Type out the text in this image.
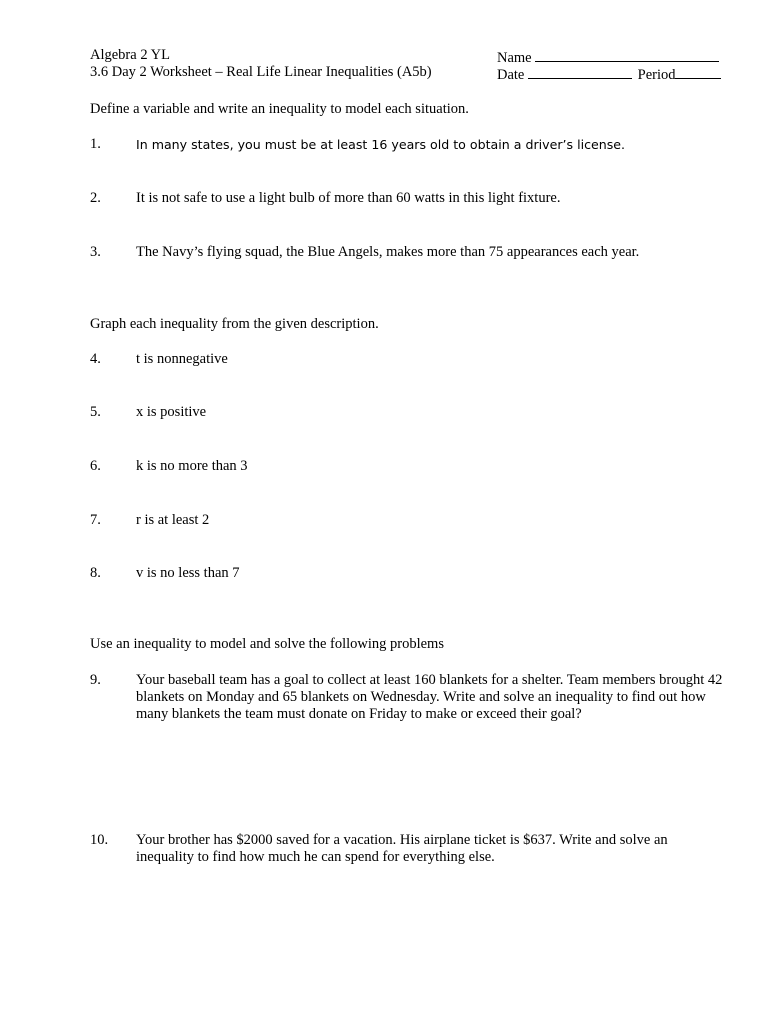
Algebra 2 YL
3.6 Day 2 Worksheet – Real Life Linear Inequalities (A5b)
Name
Date	Period
Define a variable and write an inequality to model each situation.
1.	In many states, you must be at least 16 years old to obtain a driver’s license.
2. It is not safe to use a light bulb of more than 60 watts in this light fixture.
3. The Navy’s flying squad, the Blue Angels, makes more than 75 appearances each year.
Graph each inequality from the given description.
4. t is nonnegative
5. x is positive
6. k is no more than 3
7. r is at least 2
8. v is no less than 7
Use an inequality to model and solve the following problems
9. Your baseball team has a goal to collect at least 160 blankets for a shelter. Team members brought 42 blankets on Monday and 65 blankets on Wednesday. Write and solve an inequality to find out how many blankets the team must donate on Friday to make or exceed their goal?
10. Your brother has $2000 saved for a vacation. His airplane ticket is $637. Write and solve an inequality to find how much he can spend for everything else.
